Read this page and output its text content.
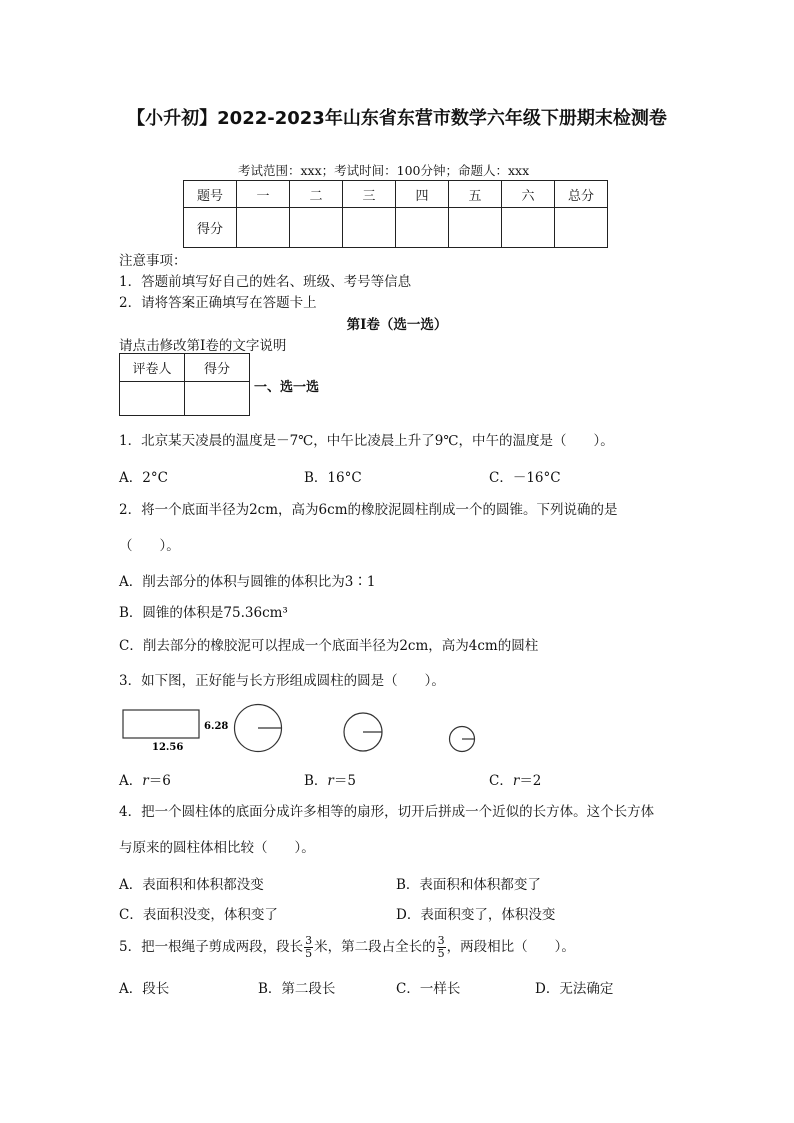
【小升初】2022-2023年山东省东营市数学六年级下册期末检测卷
考试范围：xxx；考试时间：100分钟；命题人：xxx
题号	一	二	三	四	五	六	总分
得分							
注意事项：
1．答题前填写好自己的姓名、班级、考号等信息
2．请将答案正确填写在答题卡上
第Ⅰ卷（选一选）
请点击修改第I卷的文字说明
评卷人	得分

一、选一选
1．北京某天凌晨的温度是－7℃，中午比凌晨上升了9℃，中午的温度是（　　）。
A．2°C	B．16°C	C．－16°C
2．将一个底面半径为2cm，高为6cm的橡胶泥圆柱削成一个的圆锥。下列说确的是
（　　）。
A．削去部分的体积与圆锥的体积比为3∶1
B．圆锥的体积是75.36cm³
C．削去部分的橡胶泥可以捏成一个底面半径为2cm，高为4cm的圆柱
3．如下图，正好能与长方形组成圆柱的圆是（　　）。
6.28
12.56
A．r＝6	B．r＝5	C．r＝2
4．把一个圆柱体的底面分成许多相等的扇形，切开后拼成一个近似的长方体。这个长方体
与原来的圆柱体相比较（　　）。
A．表面积和体积都没变	B．表面积和体积都变了
C．表面积没变，体积变了	D．表面积变了，体积没变
5．把一根绳子剪成两段，段长 $\frac{3}{5}$ 米，第二段占全长的 $\frac{3}{5}$ ，两段相比（　　）。
A．段长	B．第二段长	C．一样长	D．无法确定
